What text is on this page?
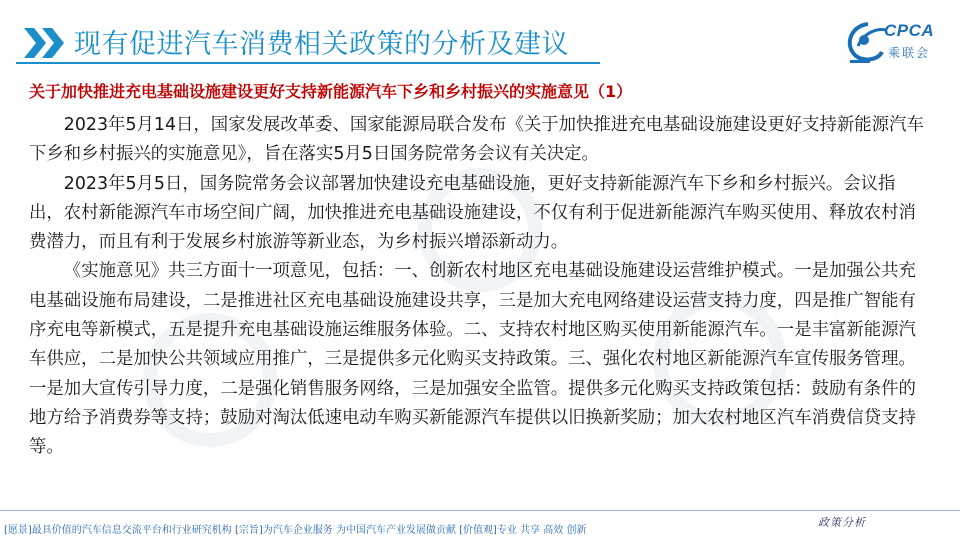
现有促进汽车消费相关政策的分析及建议	CPCA
乘联会
关于加快推进充电基础设施建设更好支持新能源汽车下乡和乡村振兴的实施意见（1）

2023年5月14日，国家发展改革委、国家能源局联合发布《关于加快推进充电基础设施建设更好支持新能源汽车下乡和乡村振兴的实施意见》，旨在落实5月5日国务院常务会议有关决定。

2023年5月5日，国务院常务会议部署加快建设充电基础设施，更好支持新能源汽车下乡和乡村振兴。会议指出，农村新能源汽车市场空间广阔，加快推进充电基础设施建设，不仅有利于促进新能源汽车购买使用、释放农村消费潜力，而且有利于发展乡村旅游等新业态，为乡村振兴增添新动力。

《实施意见》共三方面十一项意见，包括：一、创新农村地区充电基础设施建设运营维护模式。一是加强公共充电基础设施布局建设，二是推进社区充电基础设施建设共享，三是加大充电网络建设运营支持力度，四是推广智能有序充电等新模式，五是提升充电基础设施运维服务体验。二、支持农村地区购买使用新能源汽车。一是丰富新能源汽车供应，二是加快公共领域应用推广，三是提供多元化购买支持政策。三、强化农村地区新能源汽车宣传服务管理。一是加大宣传引导力度，二是强化销售服务网络，三是加强安全监管。提供多元化购买支持政策包括：鼓励有条件的地方给予消费券等支持；鼓励对淘汰低速电动车购买新能源汽车提供以旧换新奖励；加大农村地区汽车消费信贷支持等。

[愿景]最具价值的汽车信息交流平台和行业研究机构 [宗旨]为汽车企业服务 为中国汽车产业发展做贡献 [价值观]专业 共享 高效 创新
政策分析
